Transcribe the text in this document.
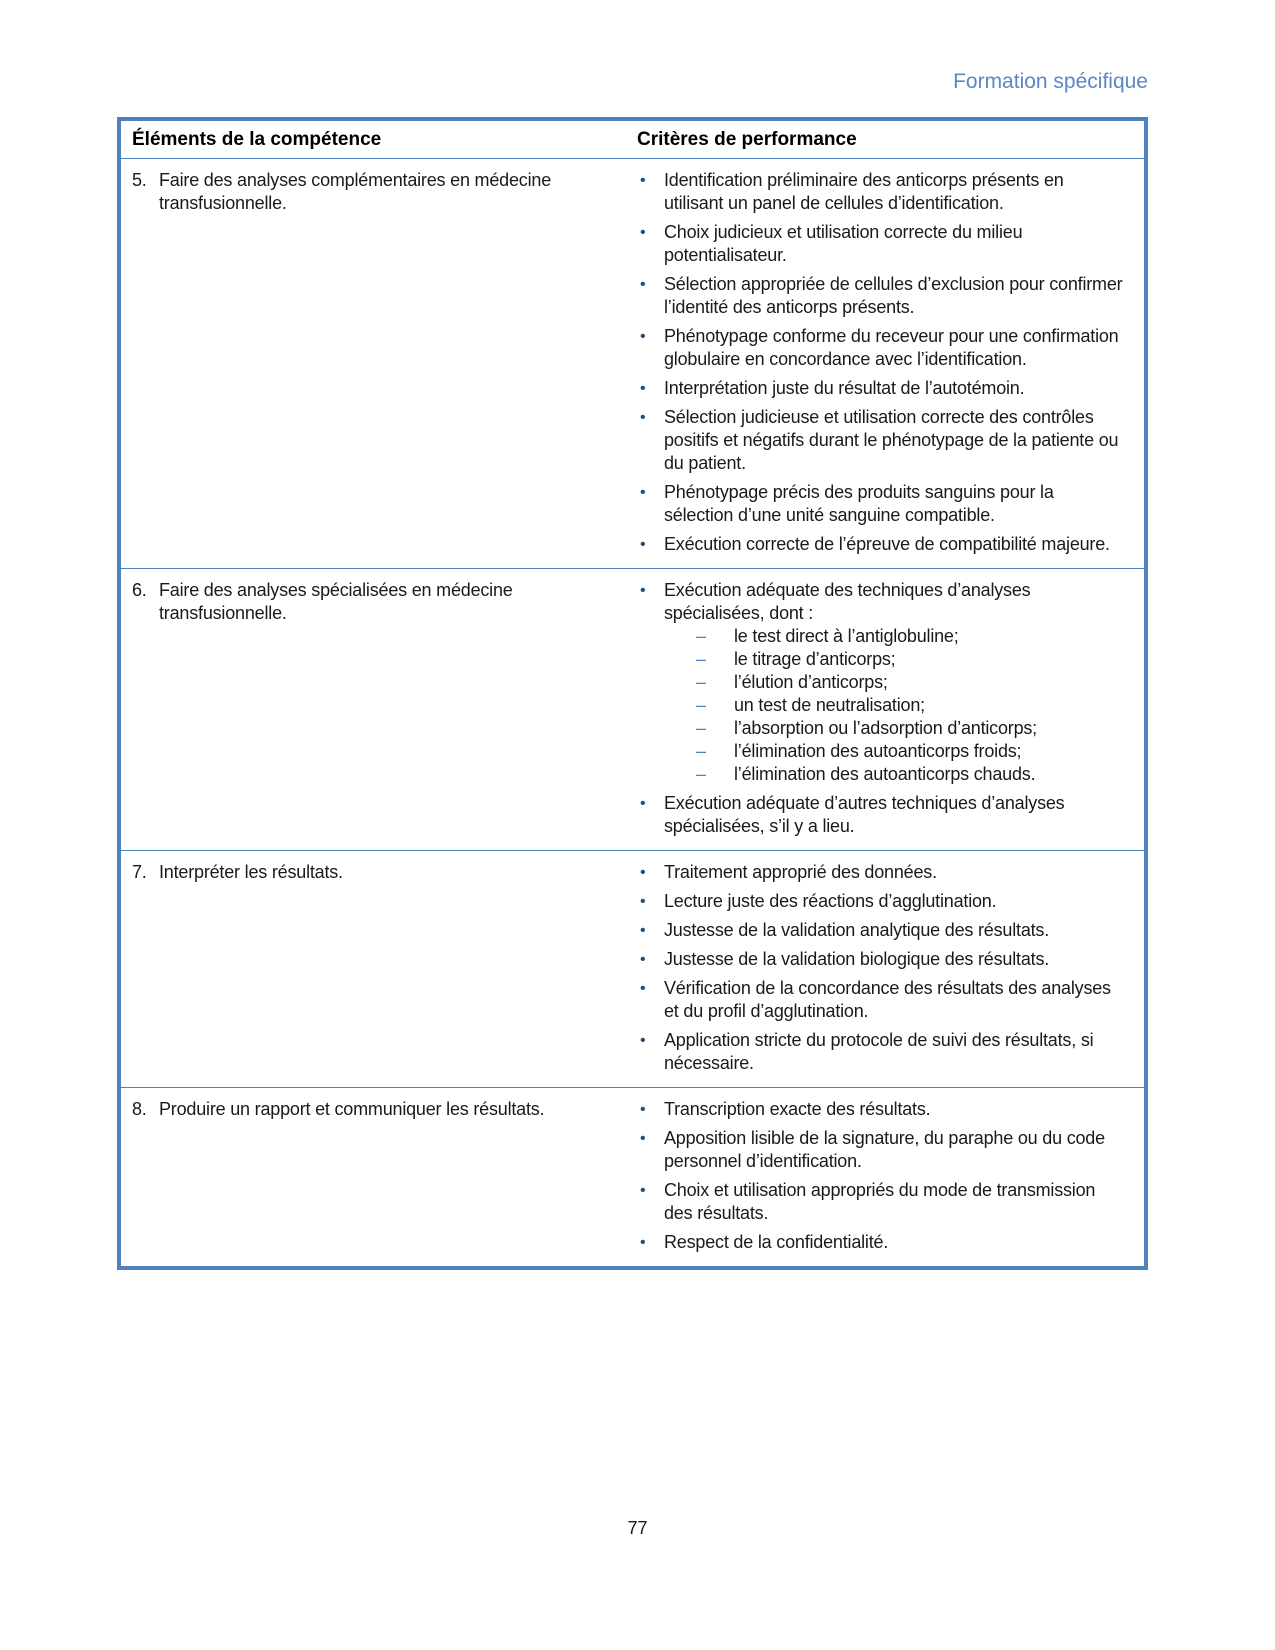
Formation spécifique
Éléments de la compétence	Critères de performance

5. Faire des analyses complémentaires en médecine transfusionnelle.

•	Identification préliminaire des anticorps présents en utilisant un panel de cellules d’identification.
•	Choix judicieux et utilisation correcte du milieu potentialisateur.
•	Sélection appropriée de cellules d’exclusion pour confirmer l’identité des anticorps présents.
•	Phénotypage conforme du receveur pour une confirmation globulaire en concordance avec l’identification.
•	Interprétation juste du résultat de l’autotémoin.
•	Sélection judicieuse et utilisation correcte des contrôles positifs et négatifs durant le phénotypage de la patiente ou du patient.
•	Phénotypage précis des produits sanguins pour la sélection d’une unité sanguine compatible.
•	Exécution correcte de l’épreuve de compatibilité majeure.

6. Faire des analyses spécialisées en médecine transfusionnelle.

•	Exécution adéquate des techniques d’analyses spécialisées, dont :
–	le test direct à l’antiglobuline;
–	le titrage d’anticorps;
–	l’élution d’anticorps;
–	un test de neutralisation;
–	l’absorption ou l’adsorption d’anticorps;
–	l’élimination des autoanticorps froids;
–	l’élimination des autoanticorps chauds.
•	Exécution adéquate d’autres techniques d’analyses spécialisées, s’il y a lieu.

7. Interpréter les résultats.	•	Traitement approprié des données.
•	Lecture juste des réactions d’agglutination.
•	Justesse de la validation analytique des résultats.
•	Justesse de la validation biologique des résultats.
•	Vérification de la concordance des résultats des analyses et du profil d’agglutination.
•	Application stricte du protocole de suivi des résultats, si nécessaire.

8. Produire un rapport et communiquer les résultats.	•	Transcription exacte des résultats.
•	Apposition lisible de la signature, du paraphe ou du code personnel d’identification.
•	Choix et utilisation appropriés du mode de transmission des résultats.
•	Respect de la confidentialité.
77
